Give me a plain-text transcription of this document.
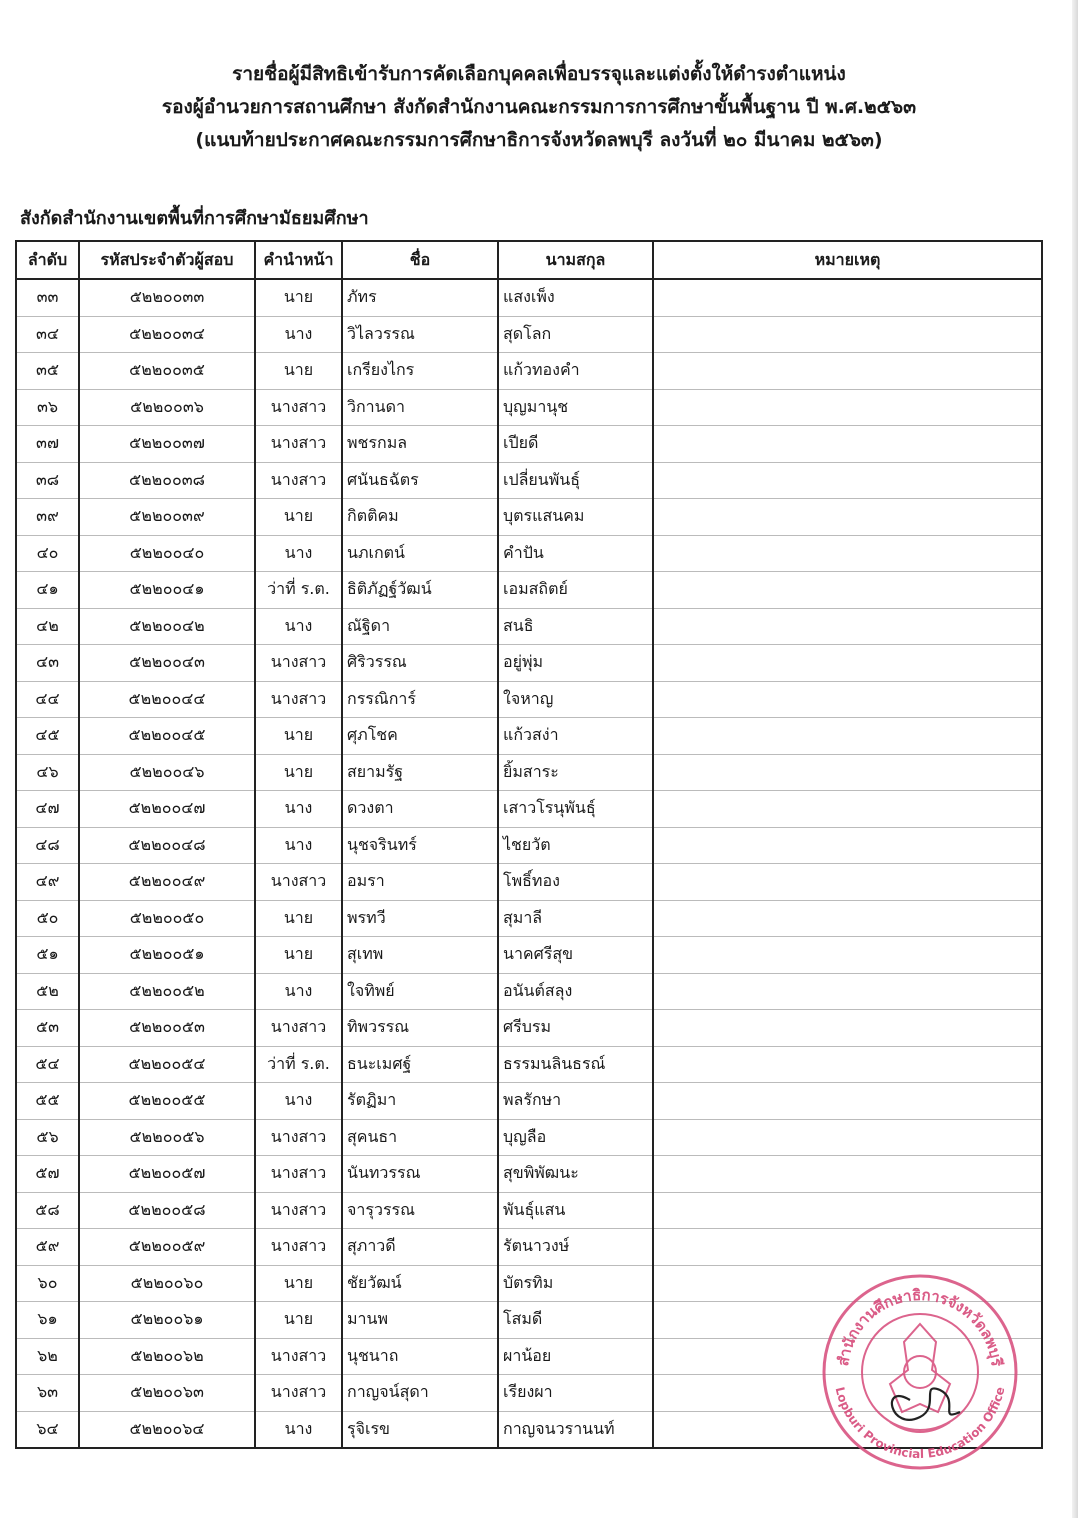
รายชื่อผู้มีสิทธิเข้ารับการคัดเลือกบุคคลเพื่อบรรจุและแต่งตั้งให้ดำรงตำแหน่ง
รองผู้อำนวยการสถานศึกษา สังกัดสำนักงานคณะกรรมการการศึกษาขั้นพื้นฐาน ปี พ.ศ.๒๕๖๓
(แนบท้ายประกาศคณะกรรมการศึกษาธิการจังหวัดลพบุรี ลงวันที่ ๒๐ มีนาคม ๒๕๖๓)
สังกัดสำนักงานเขตพื้นที่การศึกษามัธยมศึกษา
ลำดับ	รหัสประจำตัวผู้สอบ	คำนำหน้า	ชื่อ	นามสกุล	หมายเหตุ
๓๓	๕๒๒๐๐๓๓	นาย	ภัทร	แสงเพ็ง	
๓๔	๕๒๒๐๐๓๔	นาง	วิไลวรรณ	สุดโลก	
๓๕	๕๒๒๐๐๓๕	นาย	เกรียงไกร	แก้วทองคำ	
๓๖	๕๒๒๐๐๓๖	นางสาว	วิกานดา	บุญมานุช	
๓๗	๕๒๒๐๐๓๗	นางสาว	พชรกมล	เปียดี	
๓๘	๕๒๒๐๐๓๘	นางสาว	ศนันธฉัตร	เปลี่ยนพันธุ์	
๓๙	๕๒๒๐๐๓๙	นาย	กิตติคม	บุตรแสนคม	
๔๐	๕๒๒๐๐๔๐	นาง	นภเกตน์	คำปัน	
๔๑	๕๒๒๐๐๔๑	ว่าที่ ร.ต.	ธิติภัฏฐ์วัฒน์	เอมสถิตย์	
๔๒	๕๒๒๐๐๔๒	นาง	ณัฐิดา	สนธิ	
๔๓	๕๒๒๐๐๔๓	นางสาว	ศิริวรรณ	อยู่พุ่ม	
๔๔	๕๒๒๐๐๔๔	นางสาว	กรรณิการ์	ใจหาญ	
๔๕	๕๒๒๐๐๔๕	นาย	ศุภโชค	แก้วสง่า	
๔๖	๕๒๒๐๐๔๖	นาย	สยามรัฐ	ยิ้มสาระ	
๔๗	๕๒๒๐๐๔๗	นาง	ดวงตา	เสาวโรนุพันธุ์	
๔๘	๕๒๒๐๐๔๘	นาง	นุชจรินทร์	ไชยวัต	
๔๙	๕๒๒๐๐๔๙	นางสาว	อมรา	โพธิ์ทอง	
๕๐	๕๒๒๐๐๕๐	นาย	พรทวี	สุมาลี	
๕๑	๕๒๒๐๐๕๑	นาย	สุเทพ	นาคศรีสุข	
๕๒	๕๒๒๐๐๕๒	นาง	ใจทิพย์	อนันต์สลุง	
๕๓	๕๒๒๐๐๕๓	นางสาว	ทิพวรรณ	ศรีบรม	
๕๔	๕๒๒๐๐๕๔	ว่าที่ ร.ต.	ธนะเมศฐ์	ธรรมนลินธรณ์	
๕๕	๕๒๒๐๐๕๕	นาง	รัตฏิมา	พลรักษา	
๕๖	๕๒๒๐๐๕๖	นางสาว	สุคนธา	บุญลือ	
๕๗	๕๒๒๐๐๕๗	นางสาว	นันทวรรณ	สุขพิพัฒนะ	
๕๘	๕๒๒๐๐๕๘	นางสาว	จารุวรรณ	พันธุ์แสน	
๕๙	๕๒๒๐๐๕๙	นางสาว	สุภาวดี	รัตนาวงษ์	
๖๐	๕๒๒๐๐๖๐	นาย	ชัยวัฒน์	บัตรทิม	
๖๑	๕๒๒๐๐๖๑	นาย	มานพ	โสมดี	
๖๒	๕๒๒๐๐๖๒	นางสาว	นุชนาถ	ผาน้อย	
๖๓	๕๒๒๐๐๖๓	นางสาว	กาญจน์สุดา	เรียงผา	
๖๔	๕๒๒๐๐๖๔	นาง	รุจิเรข	กาญจนวรานนท์	
สำนักงานศึกษาธิการจังหวัดลพบุรี
Lopburi Provincial Education Office
